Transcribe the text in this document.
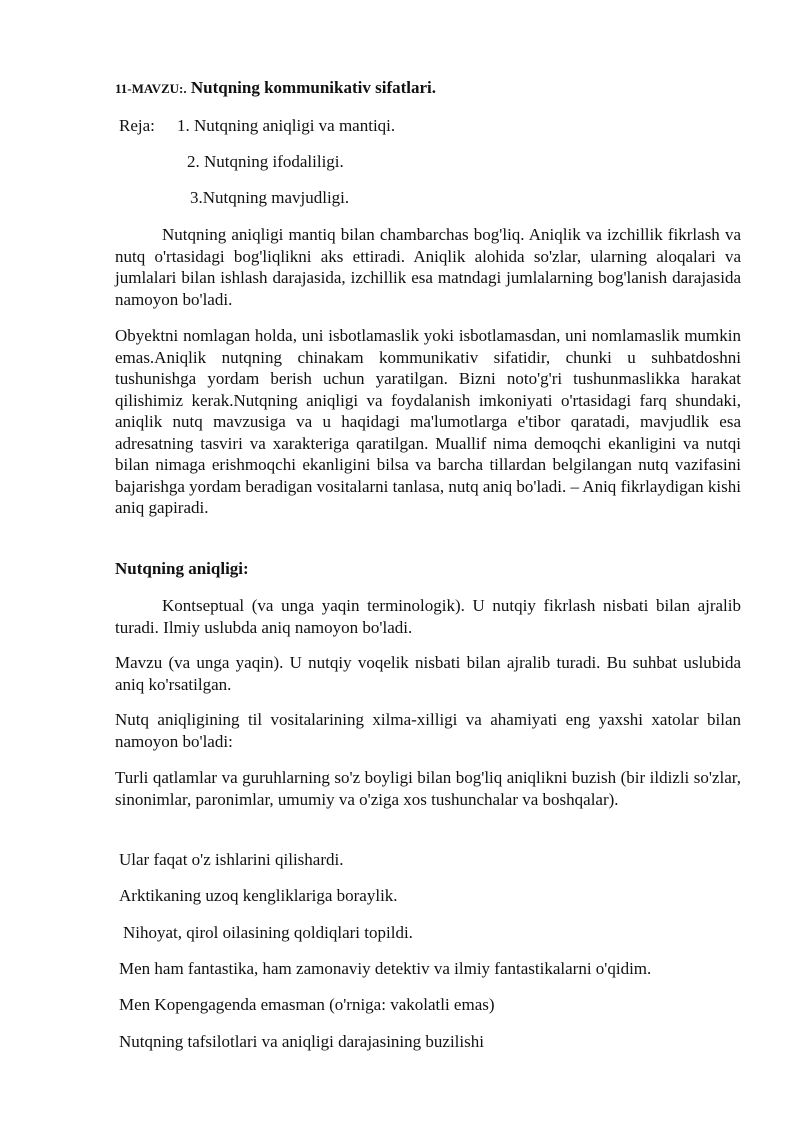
11-MAVZU:. Nutqning kommunikativ sifatlari.
Reja: 1. Nutqning aniqligi va mantiqi.
2. Nutqning ifodaliligi.
3.Nutqning mavjudligi.

Nutqning aniqligi mantiq bilan chambarchas bog'liq. Aniqlik va izchillik fikrlash va nutq o'rtasidagi bog'liqlikni aks ettiradi. Aniqlik alohida so'zlar, ularning aloqalari va jumlalari bilan ishlash darajasida, izchillik esa matndagi jumlalarning bog'lanish darajasida namoyon bo'ladi.

Obyektni nomlagan holda, uni isbotlamaslik yoki isbotlamasdan, uni nomlamaslik mumkin emas.Aniqlik nutqning chinakam kommunikativ sifatidir, chunki u suhbatdoshni tushunishga yordam berish uchun yaratilgan. Bizni noto'g'ri tushunmaslikka harakat qilishimiz kerak.Nutqning aniqligi va foydalanish imkoniyati o'rtasidagi farq shundaki, aniqlik nutq mavzusiga va u haqidagi ma'lumotlarga e'tibor qaratadi, mavjudlik esa adresatning tasviri va xarakteriga qaratilgan. Muallif nima demoqchi ekanligini va nutqi bilan nimaga erishmoqchi ekanligini bilsa va barcha tillardan belgilangan nutq vazifasini bajarishga yordam beradigan vositalarni tanlasa, nutq aniq bo'ladi. – Aniq fikrlaydigan kishi aniq gapiradi.

Nutqning aniqligi:

Kontseptual (va unga yaqin terminologik). U nutqiy fikrlash nisbati bilan ajralib turadi. Ilmiy uslubda aniq namoyon bo'ladi.

Mavzu (va unga yaqin). U nutqiy voqelik nisbati bilan ajralib turadi. Bu suhbat uslubida aniq ko'rsatilgan.

Nutq aniqligining til vositalarining xilma-xilligi va ahamiyati eng yaxshi xatolar bilan namoyon bo'ladi:

Turli qatlamlar va guruhlarning so'z boyligi bilan bog'liq aniqlikni buzish (bir ildizli so'zlar, sinonimlar, paronimlar, umumiy va o'ziga xos tushunchalar va boshqalar).

Ular faqat o'z ishlarini qilishardi.
Arktikaning uzoq kengliklariga boraylik.
Nihoyat, qirol oilasining qoldiqlari topildi.
Men ham fantastika, ham zamonaviy detektiv va ilmiy fantastikalarni o'qidim.
Men Kopengagenda emasman (o'rniga: vakolatli emas)
Nutqning tafsilotlari va aniqligi darajasining buzilishi
